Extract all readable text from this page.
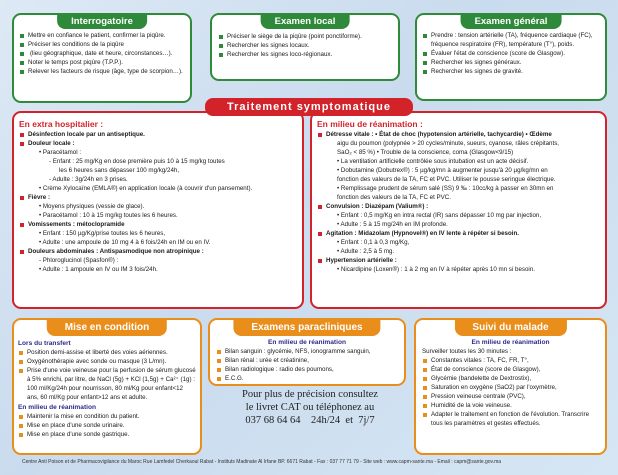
Interrogatoire
Mettre en confiance le patient, confirmer la piqûre.
Préciser les conditions de la piqûre
(lieu géographique, date et heure, circonstances…).
Noter le temps post piqûre (T.P.P.).
Relever les facteurs de risque (âge, type de scorpion…).
Examen local
Préciser le siège de la piqûre (point ponctiforme).
Rechercher les signes locaux.
Rechercher les signes loco-régionaux.
Examen général
Prendre : tension artérielle (TA), fréquence cardiaque (FC), fréquence respiratoire (FR), température (T°), poids.
Évaluer l'état de conscience (score de Glasgow).
Rechercher les signes généraux.
Rechercher les signes de gravité.
Traitement symptomatique
En extra hospitalier :
Désinfection locale par un antiseptique.
Douleur locale :
• Paracétamol :
- Enfant : 25 mg/Kg en dose première puis 10 à 15 mg/kg toutes
les 6 heures sans dépasser 100 mg/kg/24h,
- Adulte : 3g/24h en 3 prises.
• Crème Xylocaïne (EMLA®) en application locale (à couvrir d'un pansement).
Fièvre :
• Moyens physiques (vessie de glace).
• Paracétamol : 10 à 15 mg/kg toutes les 6 heures.
Vomissements : métoclopramide
• Enfant : 150 µg/Kg/prise toutes les 6 heures,
• Adulte : une ampoule de 10 mg 4 à 6 fois/24h en IM ou en IV.
Douleurs abdominales : Antispasmodique non atropinique :
- Phloroglucinol (Spasfon®) :
• Adulte : 1 ampoule en IV ou IM 3 fois/24h.
En milieu de réanimation :
Détresse vitale : • État de choc (hypotension artérielle, tachycardie) • Œdème
aigu du poumon (polypnée > 20 cycles/minute, sueurs, cyanose, râles crépitants,
SaO₂ < 85 %) • Trouble de la conscience, coma (Glasgow<9/15)
• La ventilation artificielle contrôlée sous intubation est un acte décisif.
• Dobutamine (Dobutrex®) : 5 µg/kg/mn à augmenter jusqu'à 20 µg/kg/mn en
fonction des valeurs de la TA, FC et PVC. Utiliser le pousse seringue électrique.
• Remplissage prudent de sérum salé (SS) 9 ‰ : 10cc/kg à passer en 30mn en
fonction des valeurs de la TA, FC et PVC.
Convulsion : Diazépam (Valium®) :
• Enfant : 0,5 mg/Kg en intra rectal (IR) sans dépasser 10 mg par injection,
• Adulte : 5 à 15 mg/24h en IM profonde.
Agitation : Midazolam (Hypnovel®) en IV lente à répéter si besoin.
• Enfant : 0,1 à 0,3 mg/Kg,
• Adulte : 2,5 à 5 mg.
Hypertension artérielle :
• Nicardipine (Loxen®) : 1 à 2 mg en IV à répéter après 10 mn si besoin.
Mise en condition
Lors du transfert
Position demi-assise et liberté des voies aériennes.
Oxygénothérapie avec sonde ou masque (3 L/mn).
Prise d'une voie veineuse pour la perfusion de sérum glucosé à 5% enrichi, par litre, de NaCl (5g) + KCl (1,5g) + Ca²⁺ (1g) : 100 ml/Kg/24h pour nourrisson, 80 ml/Kg pour enfant<12 ans, 60 ml/Kg pour enfant>12 ans et adulte.
En milieu de réanimation
Maintenir la mise en condition du patient.
Mise en place d'une sonde urinaire.
Mise en place d'une sonde gastrique.
Examens paracliniques
En milieu de réanimation
Bilan sanguin : glycémie, NFS, ionogramme sanguin,
Bilan rénal : urée et créatinine,
Bilan radiologique : radio des poumons,
E.C.G.
Suivi du malade
En milieu de réanimation
Surveiller toutes les 30 minutes :
Constantes vitales : TA, FC, FR, T°,
État de conscience (score de Glasgow),
Glycémie (bandelette de Dextrostix),
Saturation en oxygène (SaO2) par l'oxymètre,
Pression veineuse centrale (PVC),
Humidité de la voie veineuse.
Adapter le traitement en fonction de l'évolution. Transcrire tous les paramètres et gestes effectués.
Pour plus de précision consultez
le livret CAT ou téléphonez au
037 68 64 64    24h/24  et  7j/7
Centre Anti Poison et de Pharmacovigilance du Maroc Rue Lamfedel Cherkaoui Rabat - Instituts Madinate Al Irfane BP. 6671 Rabat - Fax : 037 77 71 79 - Site web : www.capm-sante.ma - Email : capm@sante.gov.ma
